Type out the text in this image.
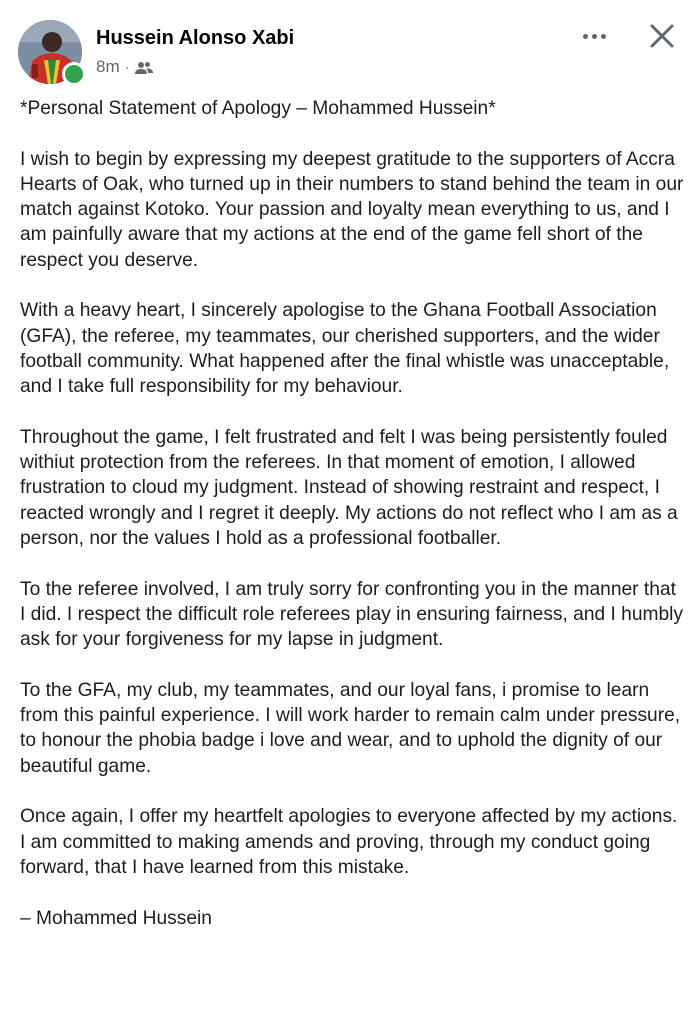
Hussein Alonso Xabi
8m ·

*Personal Statement of Apology – Mohammed Hussein*

I wish to begin by expressing my deepest gratitude to the supporters of Accra Hearts of Oak, who turned up in their numbers to stand behind the team in our match against Kotoko. Your passion and loyalty mean everything to us, and I am painfully aware that my actions at the end of the game fell short of the respect you deserve.

With a heavy heart, I sincerely apologise to the Ghana Football Association (GFA), the referee, my teammates, our cherished supporters, and the wider football community. What happened after the final whistle was unacceptable, and I take full responsibility for my behaviour.

Throughout the game, I felt frustrated and felt I was being persistently fouled withiut protection from the referees. In that moment of emotion, I allowed frustration to cloud my judgment. Instead of showing restraint and respect, I reacted wrongly and I regret it deeply. My actions do not reflect who I am as a person, nor the values I hold as a professional footballer.

To the referee involved, I am truly sorry for confronting you in the manner that I did. I respect the difficult role referees play in ensuring fairness, and I humbly ask for your forgiveness for my lapse in judgment.

To the GFA, my club, my teammates, and our loyal fans, i promise to learn from this painful experience. I will work harder to remain calm under pressure, to honour the phobia badge i love and wear, and to uphold the dignity of our beautiful game.

Once again, I offer my heartfelt apologies to everyone affected by my actions. I am committed to making amends and proving, through my conduct going forward, that I have learned from this mistake.

– Mohammed Hussein
